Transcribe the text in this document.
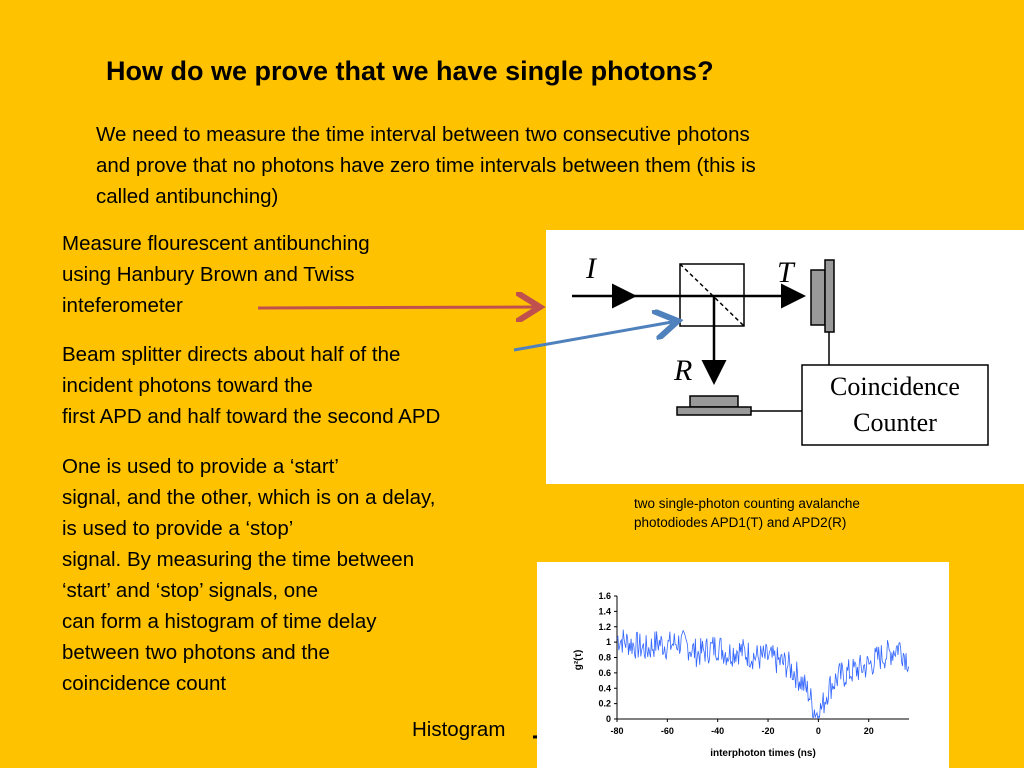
How do we prove that we have single photons?
We need to measure the time interval between two consecutive photons
and prove that no photons have zero time intervals between them (this is
called antibunching)
Measure flourescent antibunching
using Hanbury Brown and Twiss
inteferometer
Beam splitter directs about half of the
incident photons toward the
first APD and half toward the second APD
One is used to provide a ‘start’
signal, and the other, which is on a delay,
is used to provide a ‘stop’
signal. By measuring the time between
‘start’ and ‘stop’ signals, one
can form a histogram of time delay
between two photons and the
coincidence count
I	T
R	Coincidence
Counter
two single-photon counting avalanche
photodiodes APD1(T) and APD2(R)
Histogram	0
0.2
0.4
0.6
0.8
1
1.2
1.4
1.6
-80	-60	-40	-20	0	20
interphoton times (ns)
g²(τ)
